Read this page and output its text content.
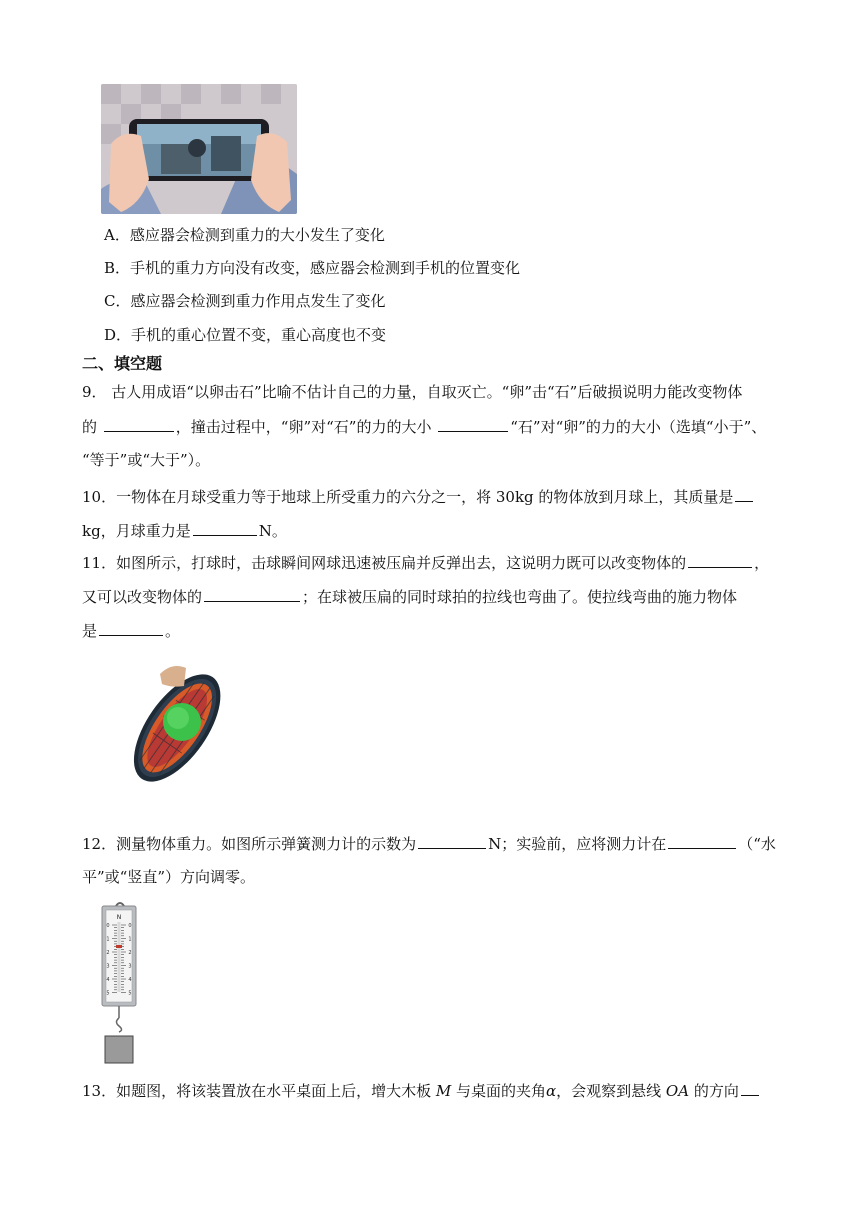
A．感应器会检测到重力的大小发生了变化
B．手机的重力方向没有改变，感应器会检测到手机的位置变化
C．感应器会检测到重力作用点发生了变化
D．手机的重心位置不变，重心高度也不变
二、填空题
9． 古人用成语“以卵击石”比喻不估计自己的力量，自取灭亡。“卵”击“石”后破损说明力能改变物体
的	，撞击过程中，“卵”对“石”的力的大小	“石”对“卵”的力的大小（选填“小于”、
“等于”或“大于”）。
10．一物体在月球受重力等于地球上所受重力的六分之一，将 30kg 的物体放到月球上，其质量是
kg，月球重力是	N。
11．如图所示，打球时，击球瞬间网球迅速被压扁并反弹出去，这说明力既可以改变物体的	，
又可以改变物体的	；在球被压扁的同时球拍的拉线也弯曲了。使拉线弯曲的施力物体
是	。
12．测量物体重力。如图所示弹簧测力计的示数为	N；实验前，应将测力计在	（“水
平”或“竖直”）方向调零。
N
0	0
1	1
2	2
3	3
4	4
5	5
13．如题图，将该装置放在水平桌面上后，增大木板 M 与桌面的夹角α，会观察到悬线 OA 的方向
